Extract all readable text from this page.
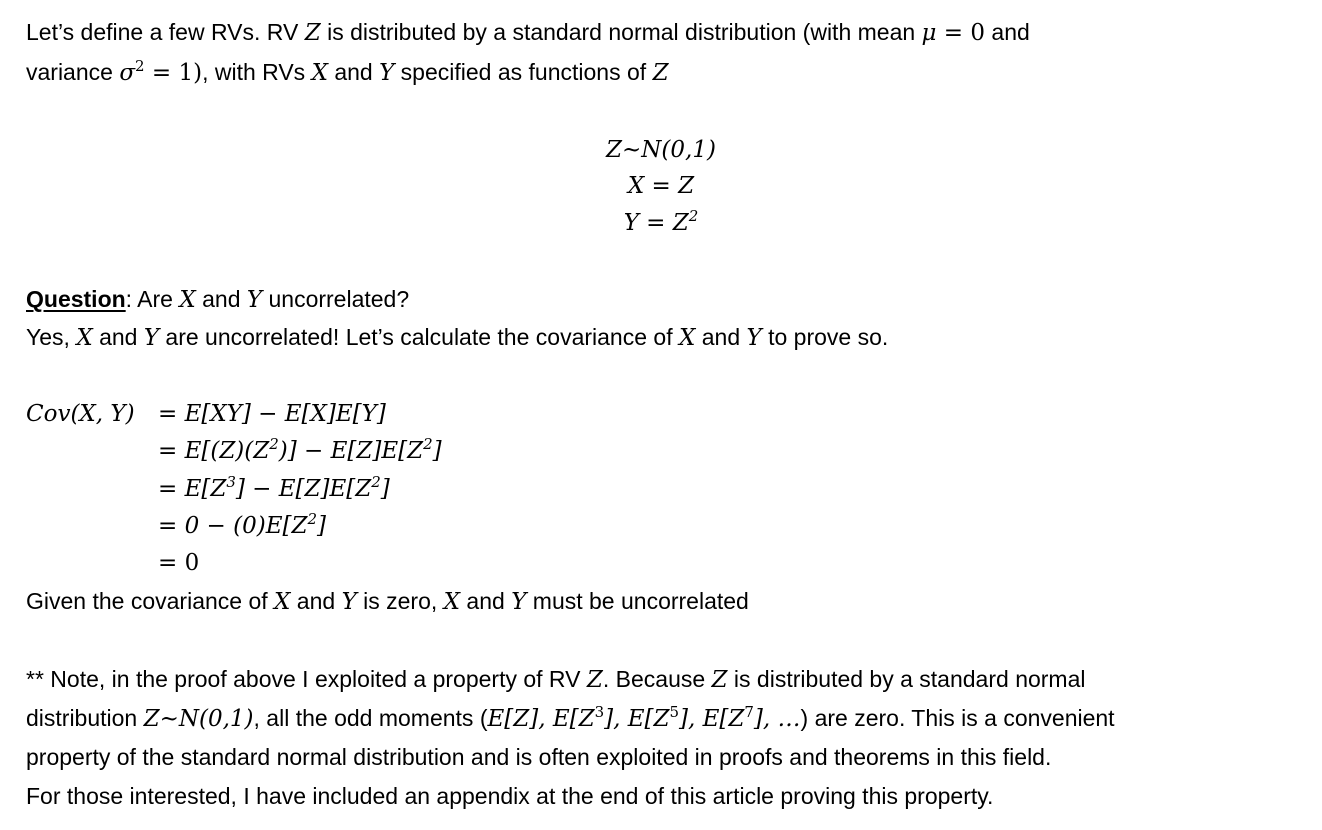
Let’s define a few RVs. RV Z is distributed by a standard normal distribution (with mean μ = 0 and
variance $\sigma^2 = 1$), with RVs X and Y specified as functions of Z
Z~N(0,1)
X = Z
$Y = Z^2$
Question: Are X and Y uncorrelated?
Yes, X and Y are uncorrelated! Let’s calculate the covariance of X and Y to prove so.
Cov(X, Y) = E[XY] − E[X]E[Y]
= $E[(Z)(Z^2)] - E[Z]E[Z^2]$
= $E[Z^3] - E[Z]E[Z^2]$
= $0 - (0)E[Z^2]$
= 0
Given the covariance of X and Y is zero, X and Y must be uncorrelated
** Note, in the proof above I exploited a property of RV Z. Because Z is distributed by a standard normal
distribution Z~N(0,1), all the odd moments (E[Z], $E[Z^3]$, $E[Z^5]$, $E[Z^7]$, …) are zero. This is a convenient
property of the standard normal distribution and is often exploited in proofs and theorems in this field.
For those interested, I have included an appendix at the end of this article proving this property.
